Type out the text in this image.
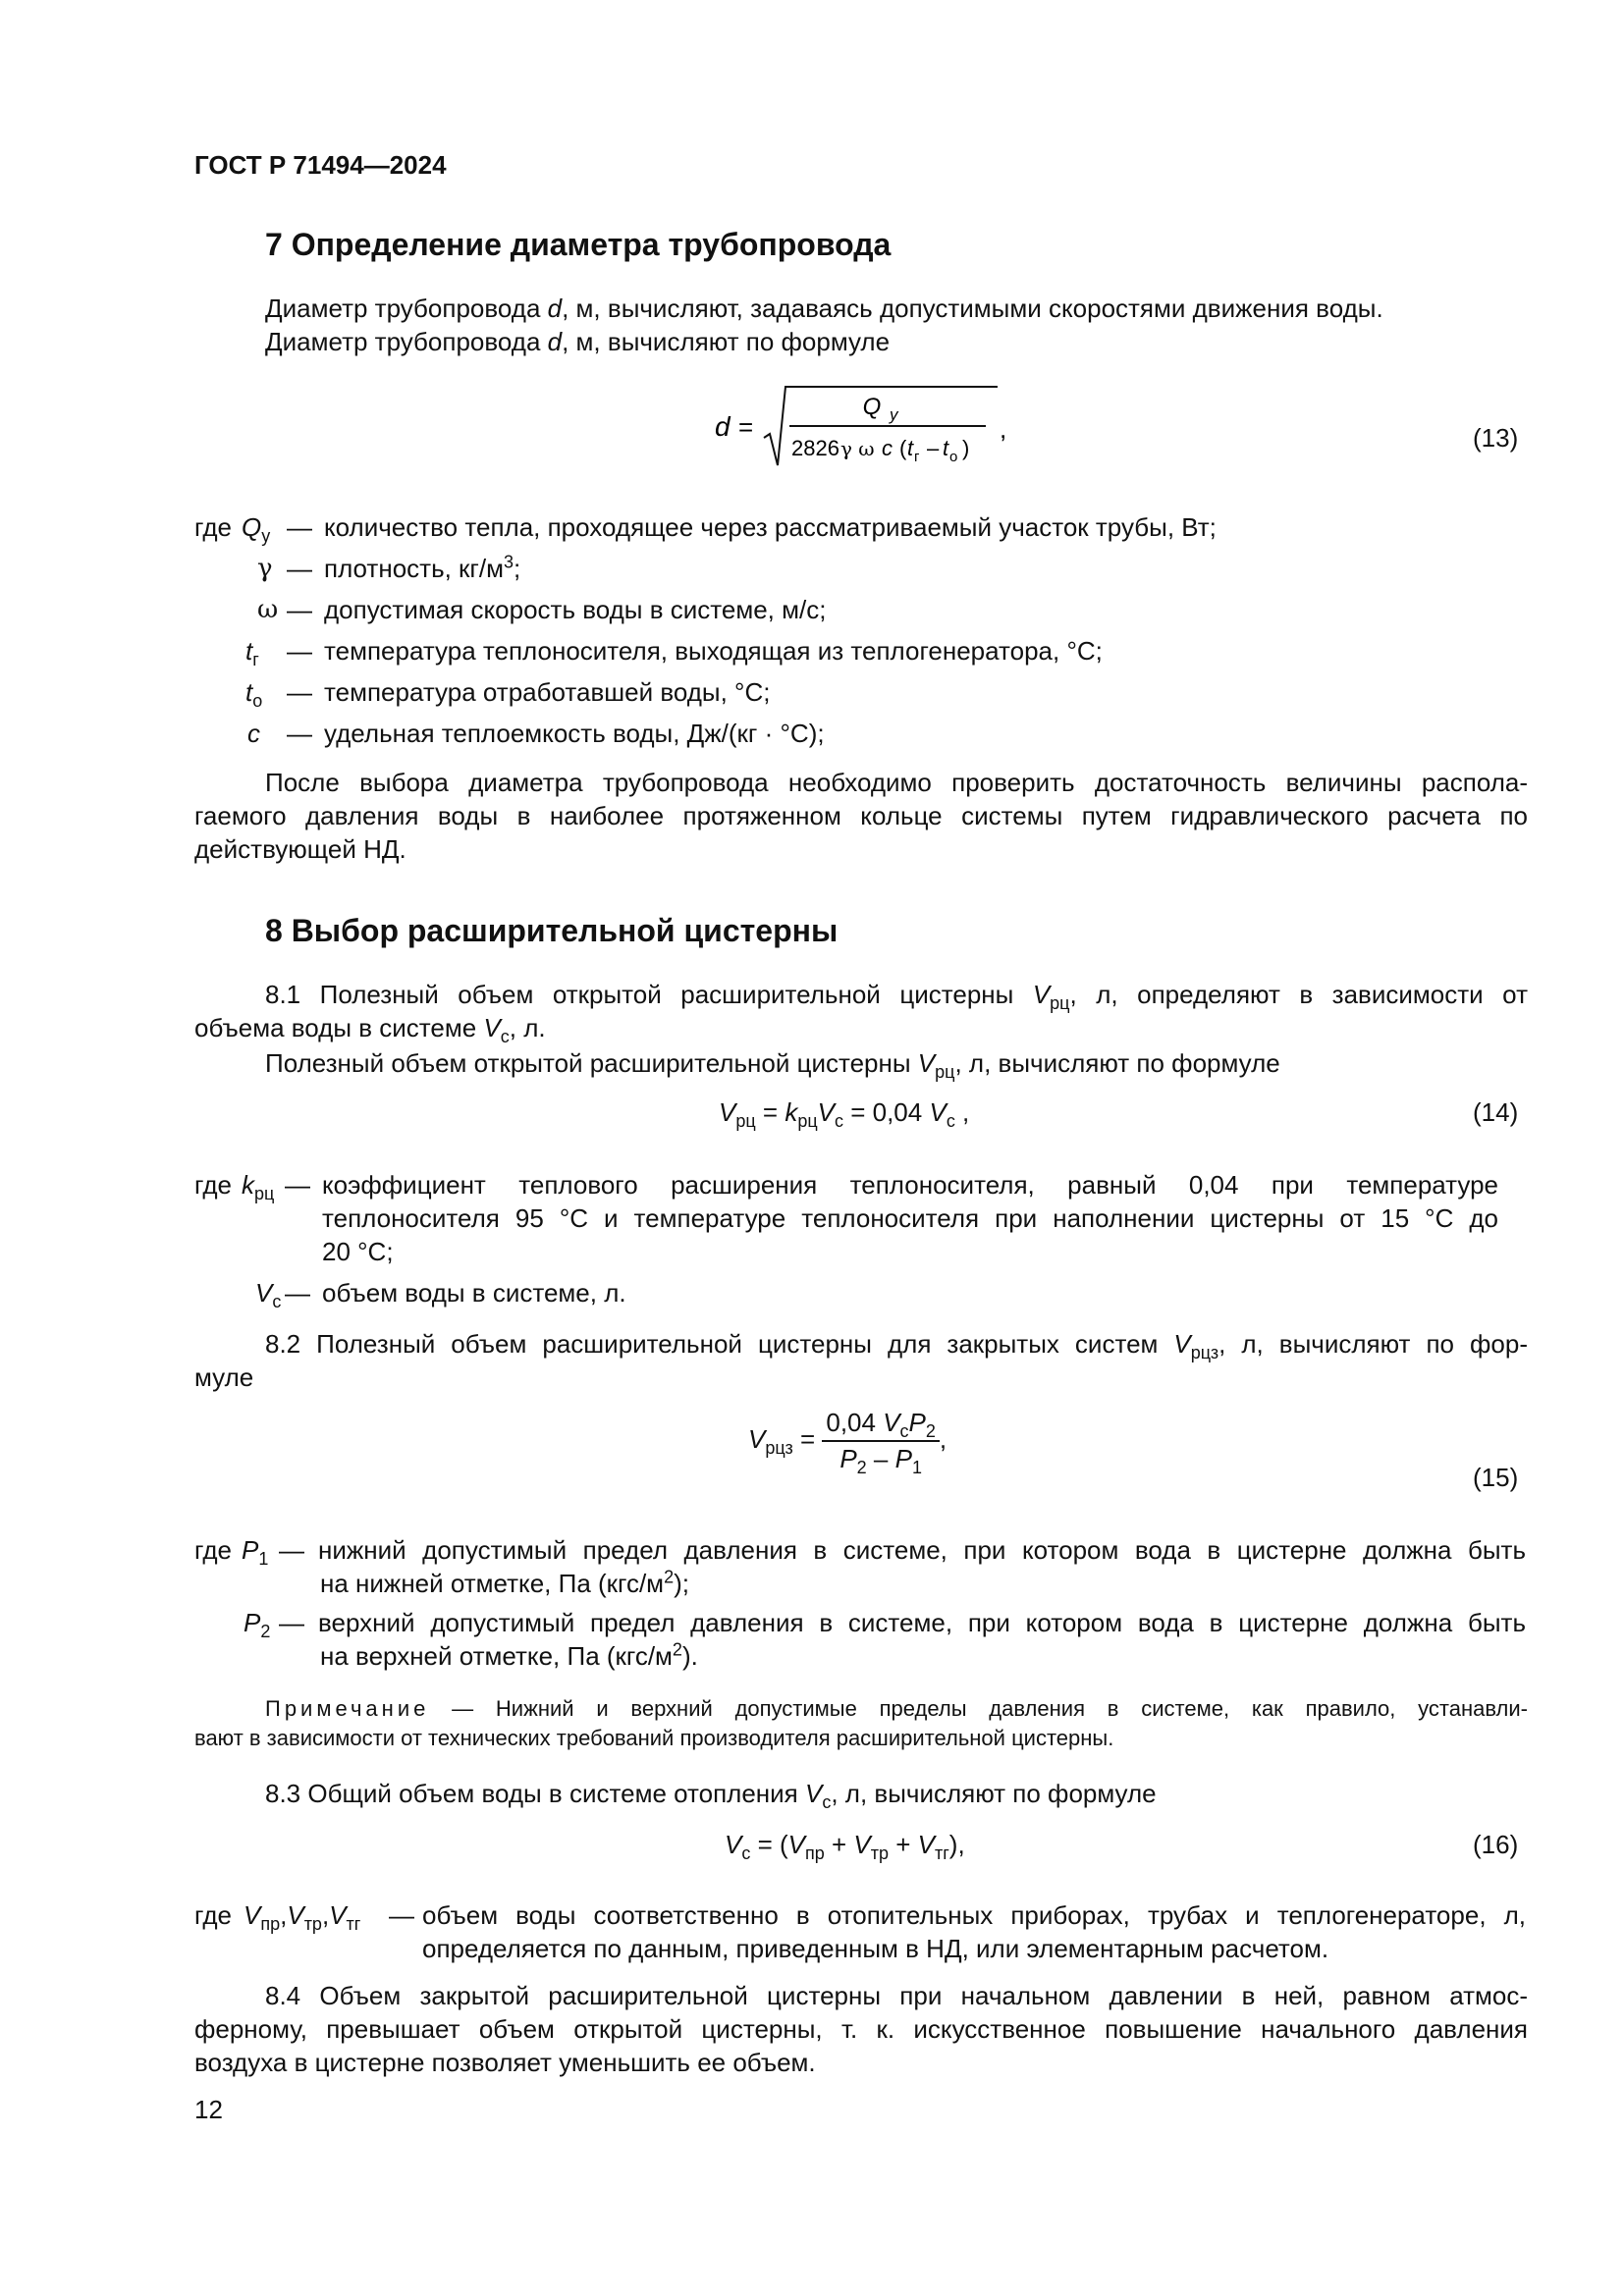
ГОСТ Р 71494—2024
7 Определение диаметра трубопровода
Диаметр трубопровода d, м, вычисляют, задаваясь допустимыми скоростями движения воды.
Диаметр трубопровода d, м, вычисляют по формуле
d =
Q y
2826 γ ω c ( t г – t о )
,	(13)
где $Q_у$ — количество тепла, проходящее через рассматриваемый участок трубы, Вт;
γ — плотность, $кг/м^3$;
ω — допустимая скорость воды в системе, м/с;
$t_г$	— температура теплоносителя, выходящая из теплогенератора, °С;
$t_о$ — температура отработавшей воды, °С;
c	— удельная теплоемкость воды, Дж/(кг · °С);
После выбора диаметра трубопровода необходимо проверить достаточность величины распола-
гаемого давления воды в наиболее протяженном кольце системы путем гидравлического расчета по
действующей НД.
8 Выбор расширительной цистерны
8.1 Полезный объем открытой расширительной цистерны $V_{рц}$, л, определяют в зависимости от
объема воды в системе $V_с$, л.
Полезный объем открытой расширительной цистерны $V_{рц}$, л, вычисляют по формуле
$V_{рц} = k_{рц}V_с = 0,04$ $V_с$ ,	(14)
где $k_{рц}$ — коэффициент теплового расширения теплоносителя, равный 0,04 при температуре
теплоносителя 95 °С и температуре теплоносителя при наполнении цистерны от 15 °С до
20 °С;
$V_с$ — объем воды в системе, л.
8.2 Полезный объем расширительной цистерны для закрытых систем $V_{рцз}$, л, вычисляют по фор-
муле
$V_{рцз} = \frac{0,04 V_сP_2}{P_2 - P_1}$ ,
(15)
где $P_1$ — нижний допустимый предел давления в системе, при котором вода в цистерне должна быть
на нижней отметке, Па $(кгс/м^2)$;
$P_2$ — верхний допустимый предел давления в системе, при котором вода в цистерне должна быть
на верхней отметке, Па $(кгс/м^2)$.
Примечание — Нижний и верхний допустимые пределы давления в системе, как правило, устанавли-
вают в зависимости от технических требований производителя расширительной цистерны.
8.3 Общий объем воды в системе отопления $V_с$, л, вычисляют по формуле
$V_с = (V_{пр} + V_{тр} + V_{тг})$,	(16)
где $V_{пр},V_{тр},V_{тг}$	— объем воды соответственно в отопительных приборах, трубах и теплогенераторе, л,
определяется по данным, приведенным в НД, или элементарным расчетом.
8.4 Объем закрытой расширительной цистерны при начальном давлении в ней, равном атмос-
ферному, превышает объем открытой цистерны, т. к. искусственное повышение начального давления
воздуха в цистерне позволяет уменьшить ее объем.
12
